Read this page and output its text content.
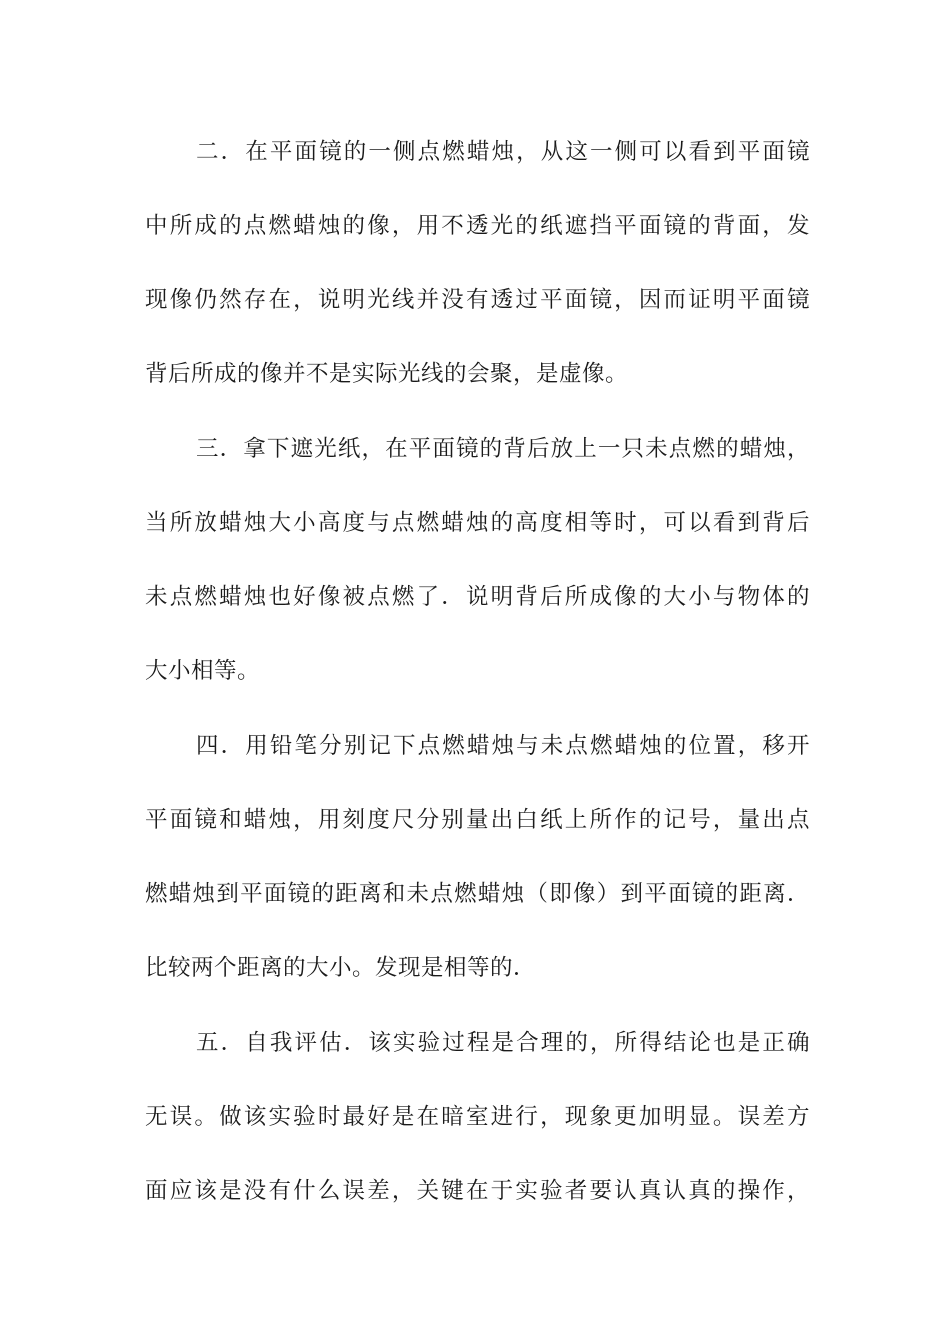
二．在平面镜的一侧点燃蜡烛，从这一侧可以看到平面镜
中所成的点燃蜡烛的像，用不透光的纸遮挡平面镜的背面，发
现像仍然存在，说明光线并没有透过平面镜，因而证明平面镜
背后所成的像并不是实际光线的会聚，是虚像。
三．拿下遮光纸，在平面镜的背后放上一只未点燃的蜡烛，
当所放蜡烛大小高度与点燃蜡烛的高度相等时，可以看到背后
未点燃蜡烛也好像被点燃了．说明背后所成像的大小与物体的
大小相等。
四．用铅笔分别记下点燃蜡烛与未点燃蜡烛的位置，移开
平面镜和蜡烛，用刻度尺分别量出白纸上所作的记号，量出点
燃蜡烛到平面镜的距离和未点燃蜡烛（即像）到平面镜的距离．
比较两个距离的大小。发现是相等的．
五．自我评估．该实验过程是合理的，所得结论也是正确
无误。做该实验时最好是在暗室进行，现象更加明显。误差方
面应该是没有什么误差，关键在于实验者要认真认真的操作，
